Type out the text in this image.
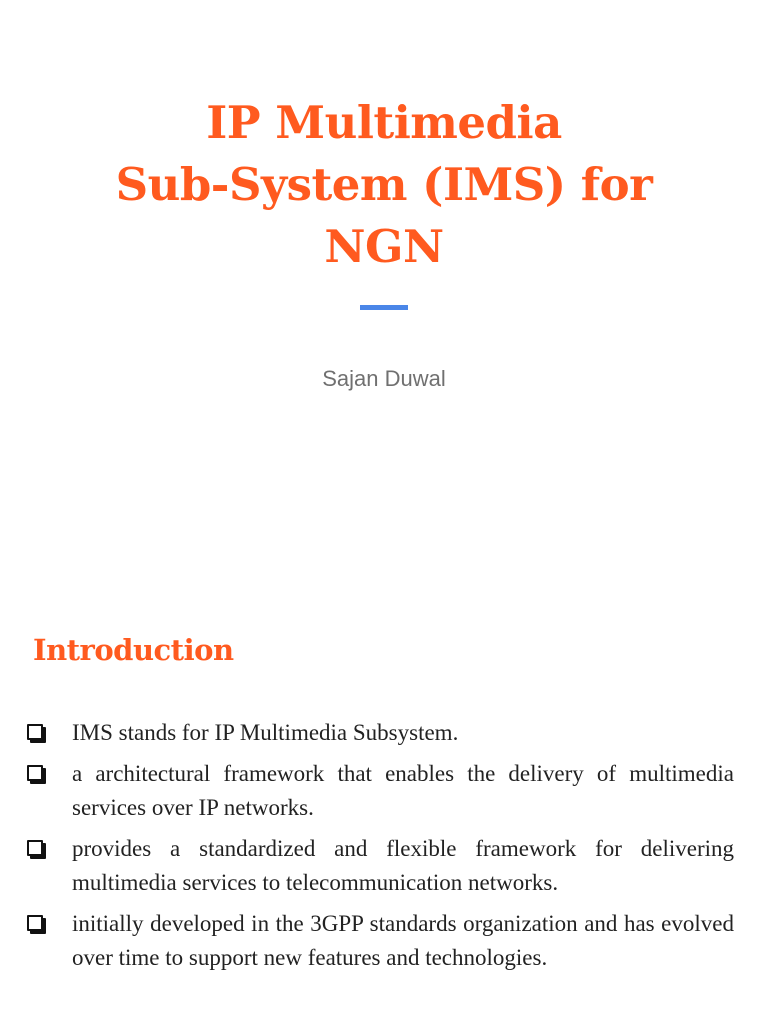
IP Multimedia
Sub-System (IMS) for
NGN
Sajan Duwal
Introduction

IMS stands for IP Multimedia Subsystem.

a architectural framework that enables the delivery of multimedia services over IP networks.

provides a standardized and flexible framework for delivering multimedia services to telecommunication networks.

initially developed in the 3GPP standards organization and has evolved over time to support new features and technologies.
